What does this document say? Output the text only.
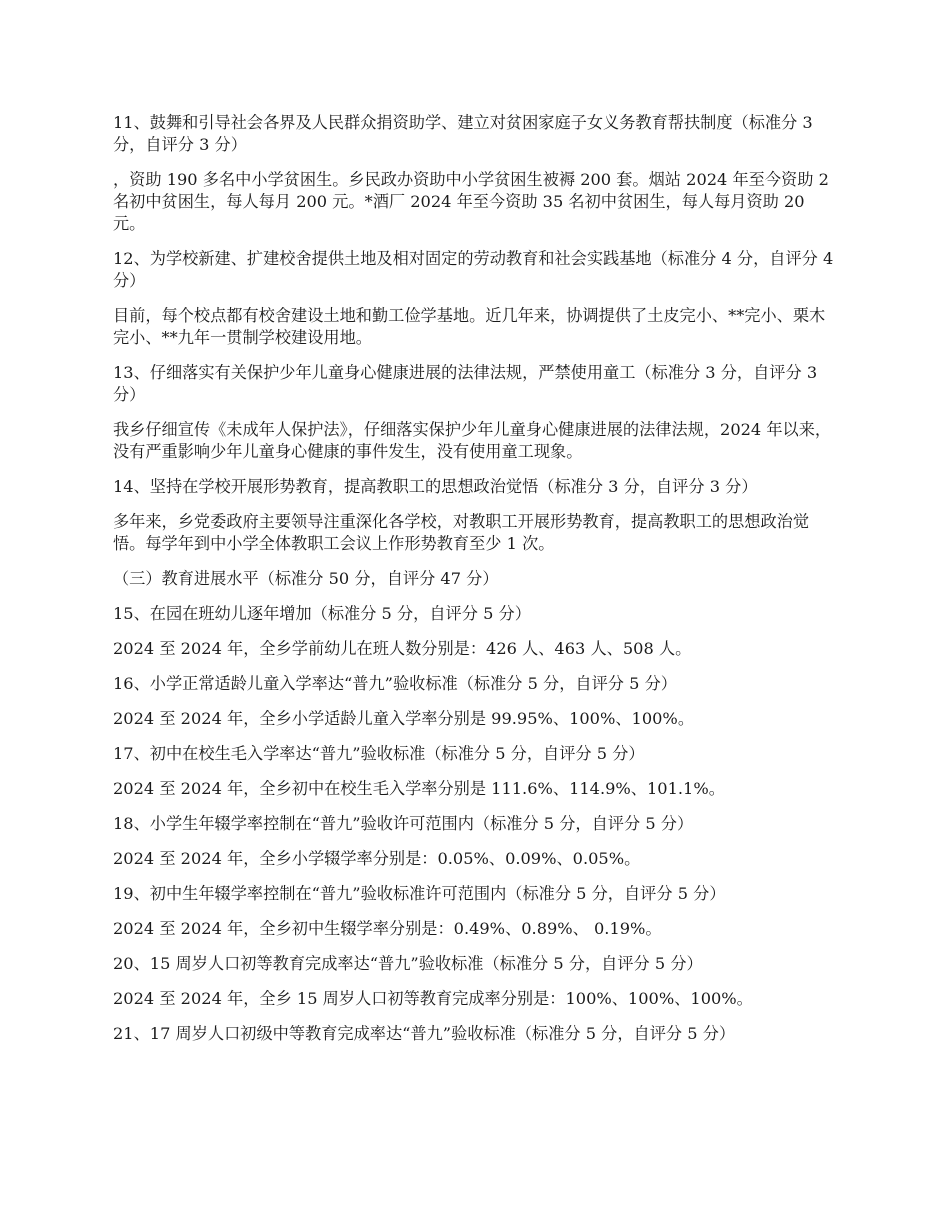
11、鼓舞和引导社会各界及人民群众捐资助学、建立对贫困家庭子女义务教育帮扶制度（标准分 3 分，自评分 3 分）

，资助 190 多名中小学贫困生。乡民政办资助中小学贫困生被褥 200 套。烟站 2024 年至今资助 2 名初中贫困生，每人每月 200 元。*酒厂 2024 年至今资助 35 名初中贫困生，每人每月资助 20 元。

12、为学校新建、扩建校舍提供土地及相对固定的劳动教育和社会实践基地（标准分 4 分，自评分 4 分）

目前，每个校点都有校舍建设土地和勤工俭学基地。近几年来，协调提供了土皮完小、**完小、栗木完小、**九年一贯制学校建设用地。

13、仔细落实有关保护少年儿童身心健康进展的法律法规，严禁使用童工（标准分 3 分，自评分 3 分）

我乡仔细宣传《未成年人保护法》，仔细落实保护少年儿童身心健康进展的法律法规，2024 年以来，没有严重影响少年儿童身心健康的事件发生，没有使用童工现象。

14、坚持在学校开展形势教育，提高教职工的思想政治觉悟（标准分 3 分，自评分 3 分）

多年来，乡党委政府主要领导注重深化各学校，对教职工开展形势教育，提高教职工的思想政治觉悟。每学年到中小学全体教职工会议上作形势教育至少 1 次。

（三）教育进展水平（标准分 50 分，自评分 47 分）

15、在园在班幼儿逐年增加（标准分 5 分，自评分 5 分）

2024 至 2024 年，全乡学前幼儿在班人数分别是：426 人、463 人、508 人。

16、小学正常适龄儿童入学率达“普九”验收标准（标准分 5 分，自评分 5 分）

2024 至 2024 年，全乡小学适龄儿童入学率分别是 99.95%、100%、100%。

17、初中在校生毛入学率达“普九”验收标准（标准分 5 分，自评分 5 分）

2024 至 2024 年，全乡初中在校生毛入学率分别是 111.6%、114.9%、101.1%。

18、小学生年辍学率控制在“普九”验收许可范围内（标准分 5 分，自评分 5 分）

2024 至 2024 年，全乡小学辍学率分别是：0.05%、0.09%、0.05%。

19、初中生年辍学率控制在“普九”验收标准许可范围内（标准分 5 分，自评分 5 分）

2024 至 2024 年，全乡初中生辍学率分别是：0.49%、0.89%、 0.19%。

20、15 周岁人口初等教育完成率达“普九”验收标准（标准分 5 分，自评分 5 分）

2024 至 2024 年，全乡 15 周岁人口初等教育完成率分别是：100%、100%、100%。

21、17 周岁人口初级中等教育完成率达“普九”验收标准（标准分 5 分，自评分 5 分）
